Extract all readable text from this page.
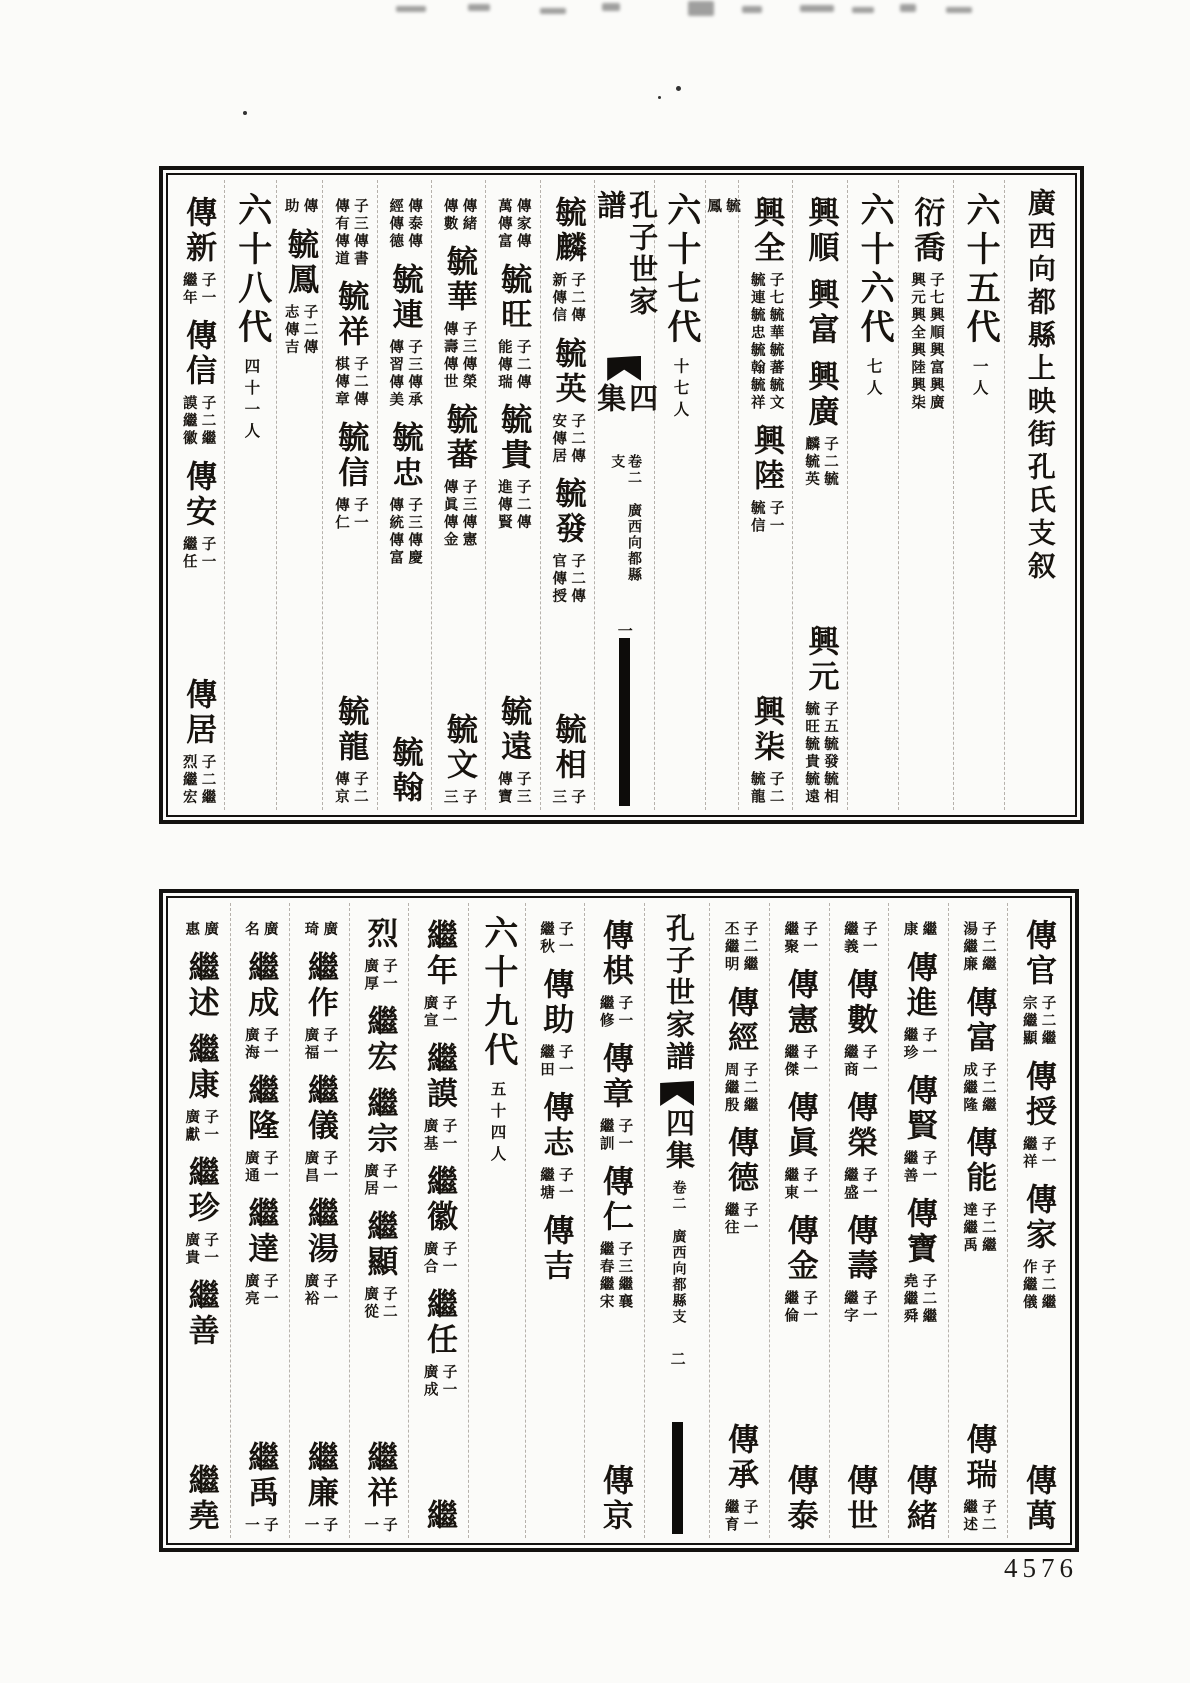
廣西向都縣上映街孔氏支叙
六十五代
一人
衍喬
子七興順興富興廣
興元興全興陸興柒
六十六代
七人
興順
興富
興廣
子二毓
麟毓英
興元
子五毓發毓相
毓旺毓貴毓遠
興全
子七毓華毓蕃毓文
毓連毓忠毓翰毓祥
興陸
子一
毓信
興柒
子二
毓龍
毓
鳳
六十七代
十七人
孔子世家譜
四集
卷二 廣西向都縣支
一
毓麟
子二傳
新傳信
毓英
子二傳
安傳居
毓發
子二傳
官傳授
毓相
子
三
傳家傳
萬傳富
毓旺
子二傳
能傳瑞
毓貴
子二傳
進傳賢
毓遠
子三
傳寶
傳緒
傳數
毓華
子三傳榮
傳壽傳世
毓蕃
子三傳憲
傳眞傳金
毓文
子
三
傳泰傳
經傳德
毓連
子三傳承
傳習傳美
毓忠
子三傳慶
傳統傳富
毓翰
子三傳書
傳有傳道
毓祥
子二傳
棋傳章
毓信
子一
傳仁
毓龍
子二
傳京
傳
助
毓鳳
子二傳
志傳吉
六十八代
四十一人
傳新
子一
繼年
傳信
子二繼
謨繼徽
傳安
子一
繼任
傳居
子二繼
烈繼宏
傳官
子二繼
宗繼顯
傳授
子一
繼祥
傳家
子二繼
作繼儀
傳萬
子二繼
湯繼廉
傳富
子二繼
成繼隆
傳能
子二繼
達繼禹
傳瑞
子二
繼述
繼
康
傳進
子一
繼珍
傳賢
子一
繼善
傳寶
子二繼
堯繼舜
傳緒
子一
繼義
傳數
子一
繼商
傳榮
子一
繼盛
傳壽
子一
繼字
傳世
子一
繼聚
傳憲
子一
繼傑
傳眞
子一
繼東
傳金
子一
繼倫
傳泰
子二繼
丕繼明
傳經
子二繼
周繼殷
傳德
子一
繼往
傳承
子一
繼育
孔子世家譜
四集
卷二 廣西向都縣支
二
傳棋
子一
繼修
傳章
子一
繼訓
傳仁
子三繼襄
繼春繼宋
傳京
子一
繼秋
傳助
子一
繼田
傳志
子一
繼塘
傳吉
六十九代
五十四人
繼年
子一
廣宣
繼謨
子一
廣基
繼徽
子一
廣合
繼任
子一
廣成
繼
烈
子一
廣厚
繼宏
繼宗
子一
廣居
繼顯
子二
廣從
繼祥
子
一
廣
琦
繼作
子一
廣福
繼儀
子一
廣昌
繼湯
子一
廣裕
繼廉
子
一
廣
名
繼成
子一
廣海
繼隆
子一
廣通
繼達
子一
廣亮
繼禹
子
一
廣
惠
繼述
繼康
子一
廣獻
繼珍
子一
廣貴
繼善
繼堯
4576
